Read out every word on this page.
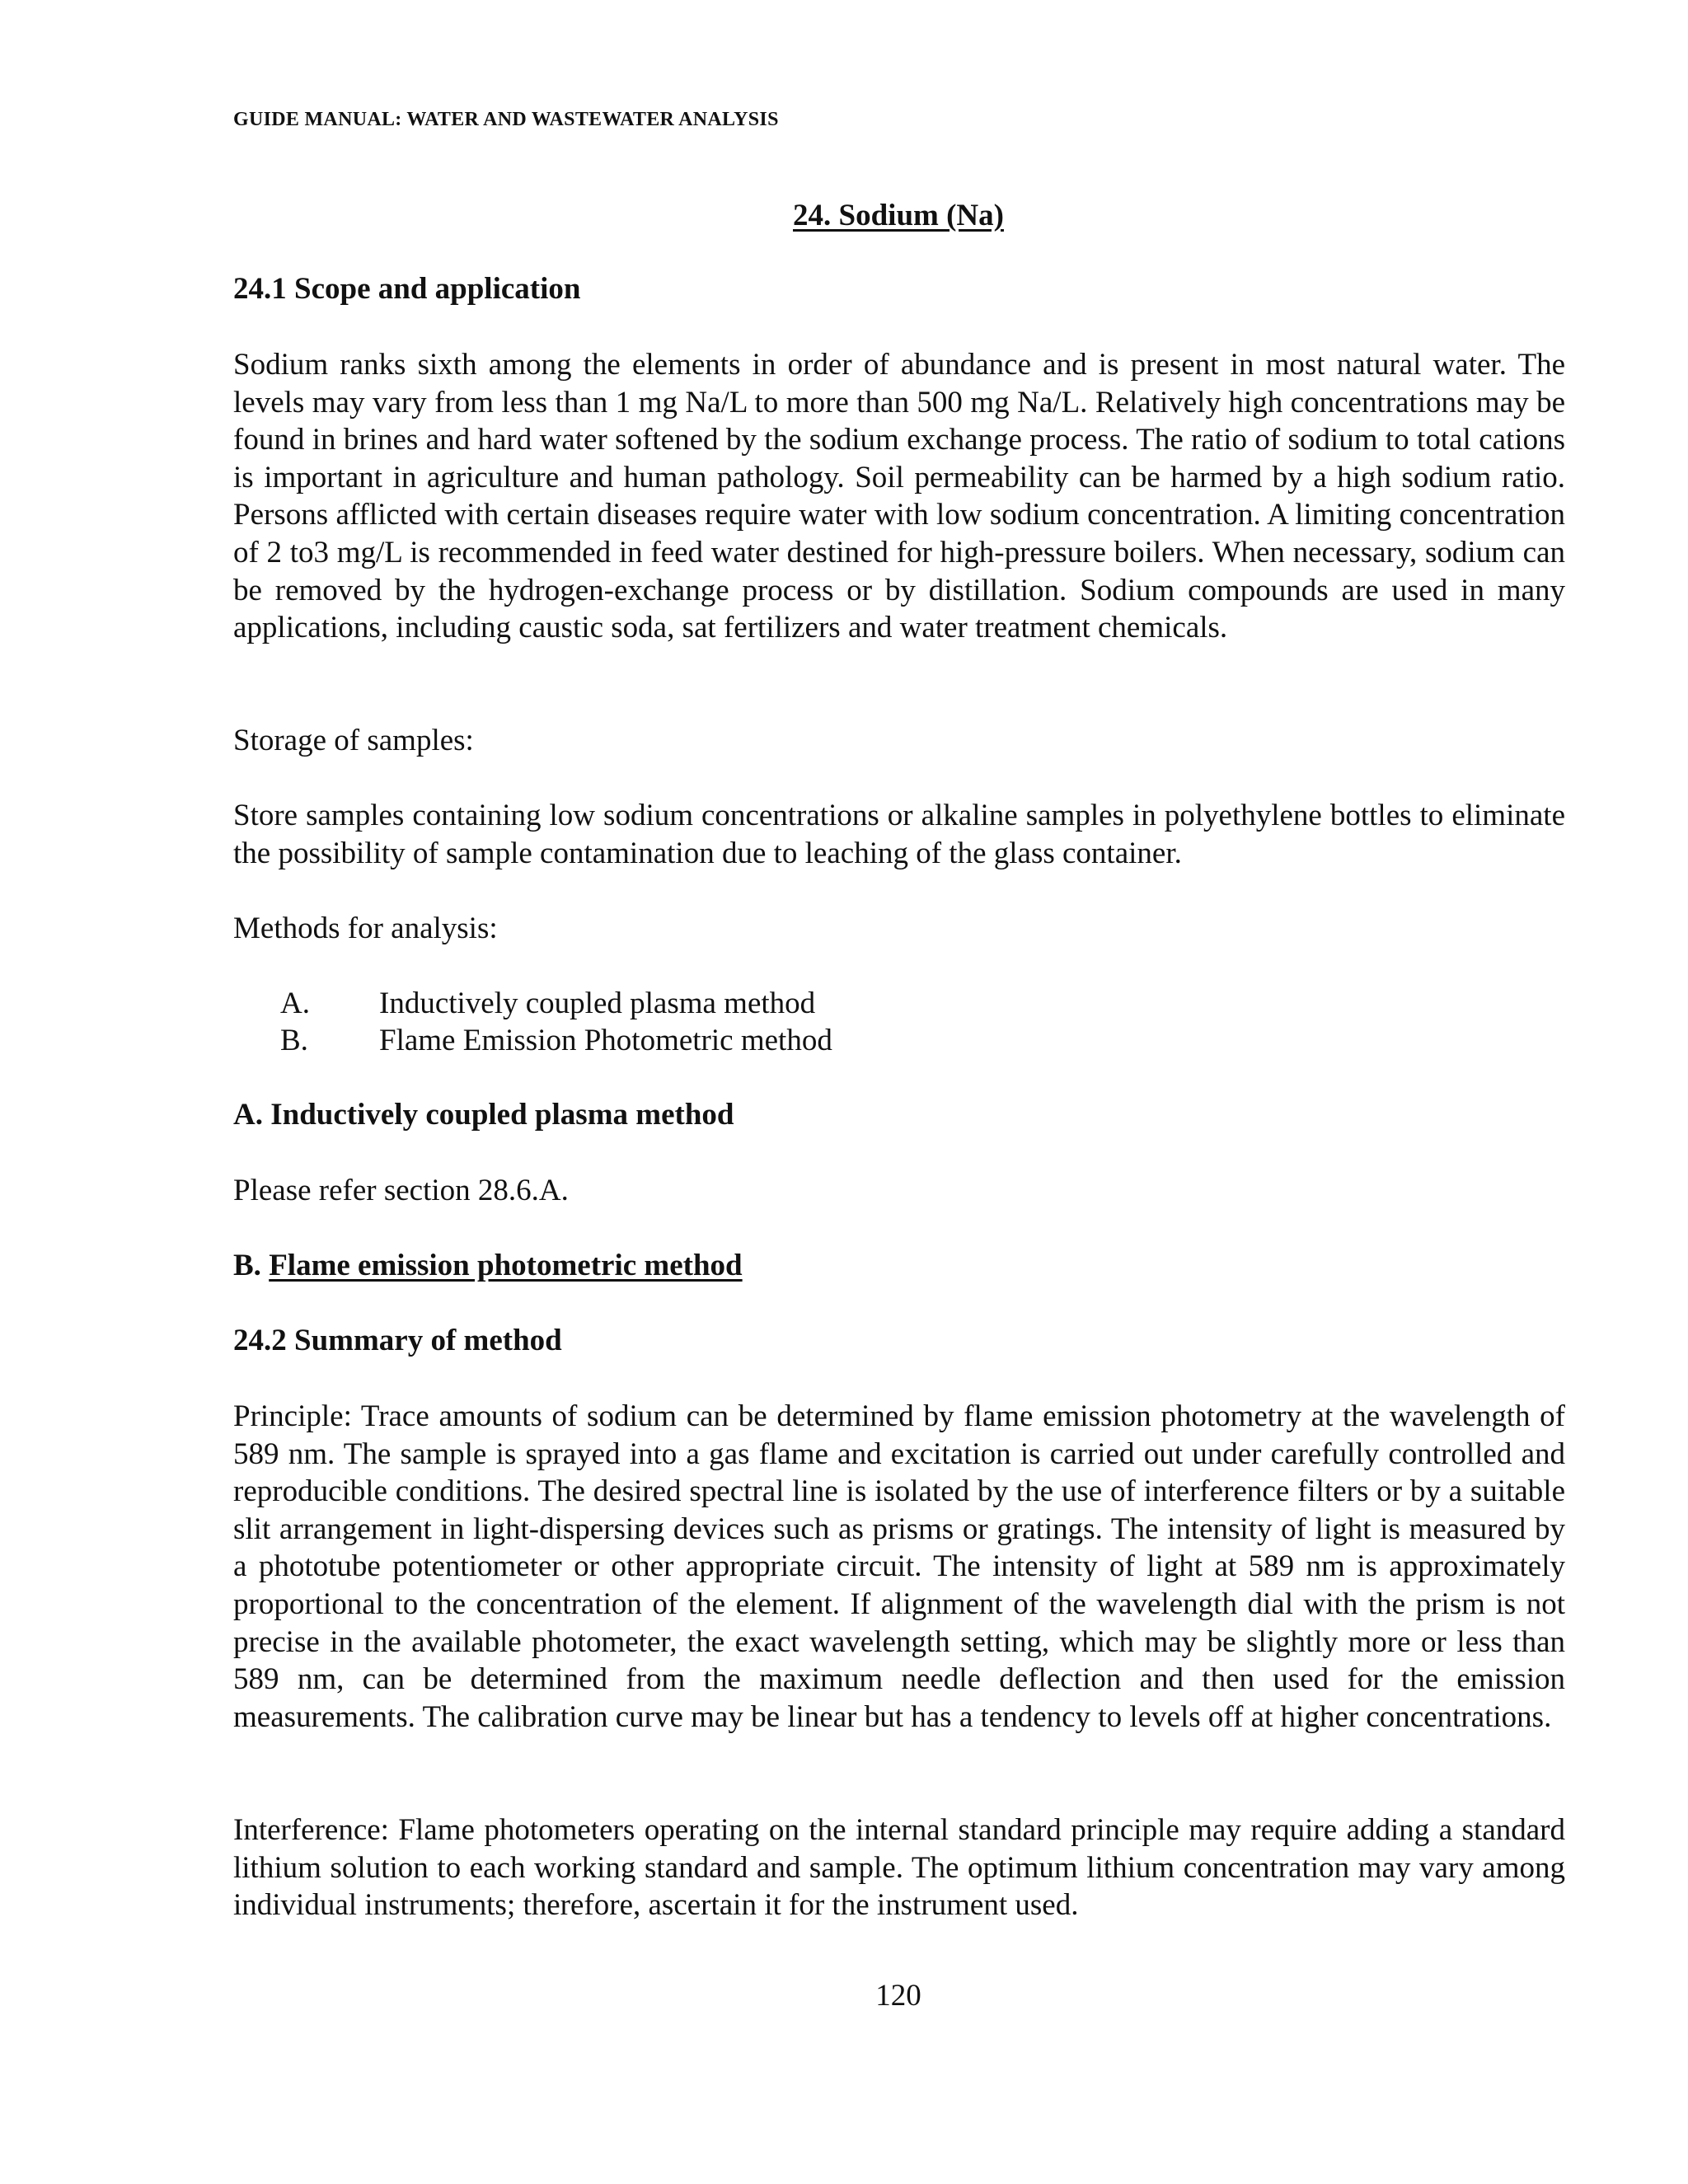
GUIDE MANUAL: WATER AND WASTEWATER ANALYSIS
24. Sodium (Na)
24.1 Scope and application
Sodium ranks sixth among the elements in order of abundance and is present in most natural water. The levels may vary from less than 1 mg Na/L to more than 500 mg Na/L. Relatively high concentrations may be found in brines and hard water softened by the sodium exchange process. The ratio of sodium to total cations is important in agriculture and human pathology. Soil permeability can be harmed by a high sodium ratio. Persons afflicted with certain diseases require water with low sodium concentration. A limiting concentration of 2 to3 mg/L is recommended in feed water destined for high-pressure boilers. When necessary, sodium can be removed by the hydrogen-exchange process or by distillation. Sodium compounds are used in many applications, including caustic soda, sat fertilizers and water treatment chemicals.
Storage of samples:
Store samples containing low sodium concentrations or alkaline samples in polyethylene bottles to eliminate the possibility of sample contamination due to leaching of the glass container.
Methods for analysis:
A. Inductively coupled plasma method
B. Flame Emission Photometric method
A. Inductively coupled plasma method
Please refer section 28.6.A.
B. Flame emission photometric method
24.2 Summary of method
Principle: Trace amounts of sodium can be determined by flame emission photometry at the wavelength of 589 nm. The sample is sprayed into a gas flame and excitation is carried out under carefully controlled and reproducible conditions. The desired spectral line is isolated by the use of interference filters or by a suitable slit arrangement in light-dispersing devices such as prisms or gratings. The intensity of light is measured by a phototube potentiometer or other appropriate circuit. The intensity of light at 589 nm is approximately proportional to the concentration of the element. If alignment of the wavelength dial with the prism is not precise in the available photometer, the exact wavelength setting, which may be slightly more or less than 589 nm, can be determined from the maximum needle deflection and then used for the emission measurements. The calibration curve may be linear but has a tendency to levels off at higher concentrations.
Interference: Flame photometers operating on the internal standard principle may require adding a standard lithium solution to each working standard and sample. The optimum lithium concentration may vary among individual instruments; therefore, ascertain it for the instrument used.
120
